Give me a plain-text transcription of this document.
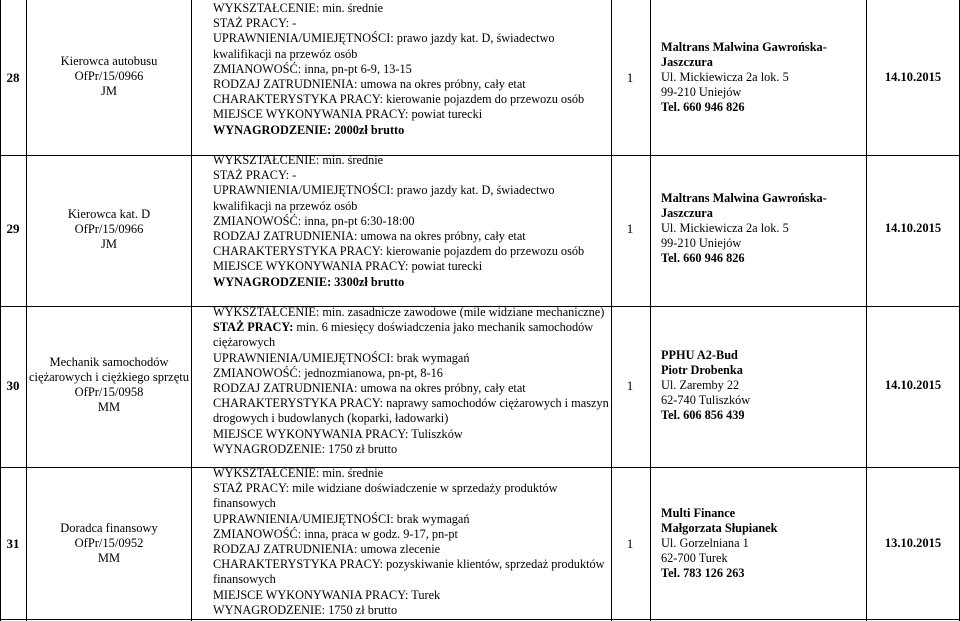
28
Kierowca autobusu
OfPr/15/0966
JM
WYKSZTAŁCENIE: min. średnie
STAŻ PRACY: -
UPRAWNIENIA/UMIEJĘTNOŚCI: prawo jazdy kat. D, świadectwo kwalifikacji na przewóz osób
ZMIANOWOŚĆ: inna, pn-pt 6-9, 13-15
RODZAJ ZATRUDNIENIA: umowa na okres próbny, cały etat
CHARAKTERYSTYKA PRACY: kierowanie pojazdem do przewozu osób
MIEJSCE WYKONYWANIA PRACY: powiat turecki
WYNAGRODZENIE: 2000zł brutto
1
Maltrans Malwina Gawrońska-Jaszczura
Ul. Mickiewicza 2a lok. 5
99-210 Uniejów
Tel. 660 946 826
14.10.2015
29
Kierowca kat. D
OfPr/15/0966
JM
WYKSZTAŁCENIE: min. średnie
STAŻ PRACY: -
UPRAWNIENIA/UMIEJĘTNOŚCI: prawo jazdy kat. D, świadectwo kwalifikacji na przewóz osób
ZMIANOWOŚĆ: inna, pn-pt 6:30-18:00
RODZAJ ZATRUDNIENIA: umowa na okres próbny, cały etat
CHARAKTERYSTYKA PRACY: kierowanie pojazdem do przewozu osób
MIEJSCE WYKONYWANIA PRACY: powiat turecki
WYNAGRODZENIE: 3300zł brutto
1
Maltrans Malwina Gawrońska-Jaszczura
Ul. Mickiewicza 2a lok. 5
99-210 Uniejów
Tel. 660 946 826
14.10.2015
30
Mechanik samochodów ciężarowych i ciężkiego sprzętu
OfPr/15/0958
MM
WYKSZTAŁCENIE: min. zasadnicze zawodowe (mile widziane mechaniczne)
STAŻ PRACY: min. 6 miesięcy doświadczenia jako mechanik samochodów ciężarowych
UPRAWNIENIA/UMIEJĘTNOŚCI: brak wymagań
ZMIANOWOŚĆ: jednozmianowa, pn-pt, 8-16
RODZAJ ZATRUDNIENIA: umowa na okres próbny, cały etat
CHARAKTERYSTYKA PRACY: naprawy samochodów ciężarowych i maszyn drogowych i budowlanych (koparki, ładowarki)
MIEJSCE WYKONYWANIA PRACY: Tuliszków
WYNAGRODZENIE: 1750 zł brutto
1
PPHU A2-Bud
Piotr Drobenka
Ul. Zaremby 22
62-740 Tuliszków
Tel. 606 856 439
14.10.2015
31
Doradca finansowy
OfPr/15/0952
MM
WYKSZTAŁCENIE: min. średnie
STAŻ PRACY: mile widziane doświadczenie w sprzedaży produktów finansowych
UPRAWNIENIA/UMIEJĘTNOŚCI: brak wymagań
ZMIANOWOŚĆ: inna, praca w godz. 9-17, pn-pt
RODZAJ ZATRUDNIENIA: umowa zlecenie
CHARAKTERYSTYKA PRACY: pozyskiwanie klientów, sprzedaż produktów finansowych
MIEJSCE WYKONYWANIA PRACY: Turek
WYNAGRODZENIE: 1750 zł brutto
1
Multi Finance
Małgorzata Słupianek
Ul. Gorzelniana 1
62-700 Turek
Tel. 783 126 263
13.10.2015
